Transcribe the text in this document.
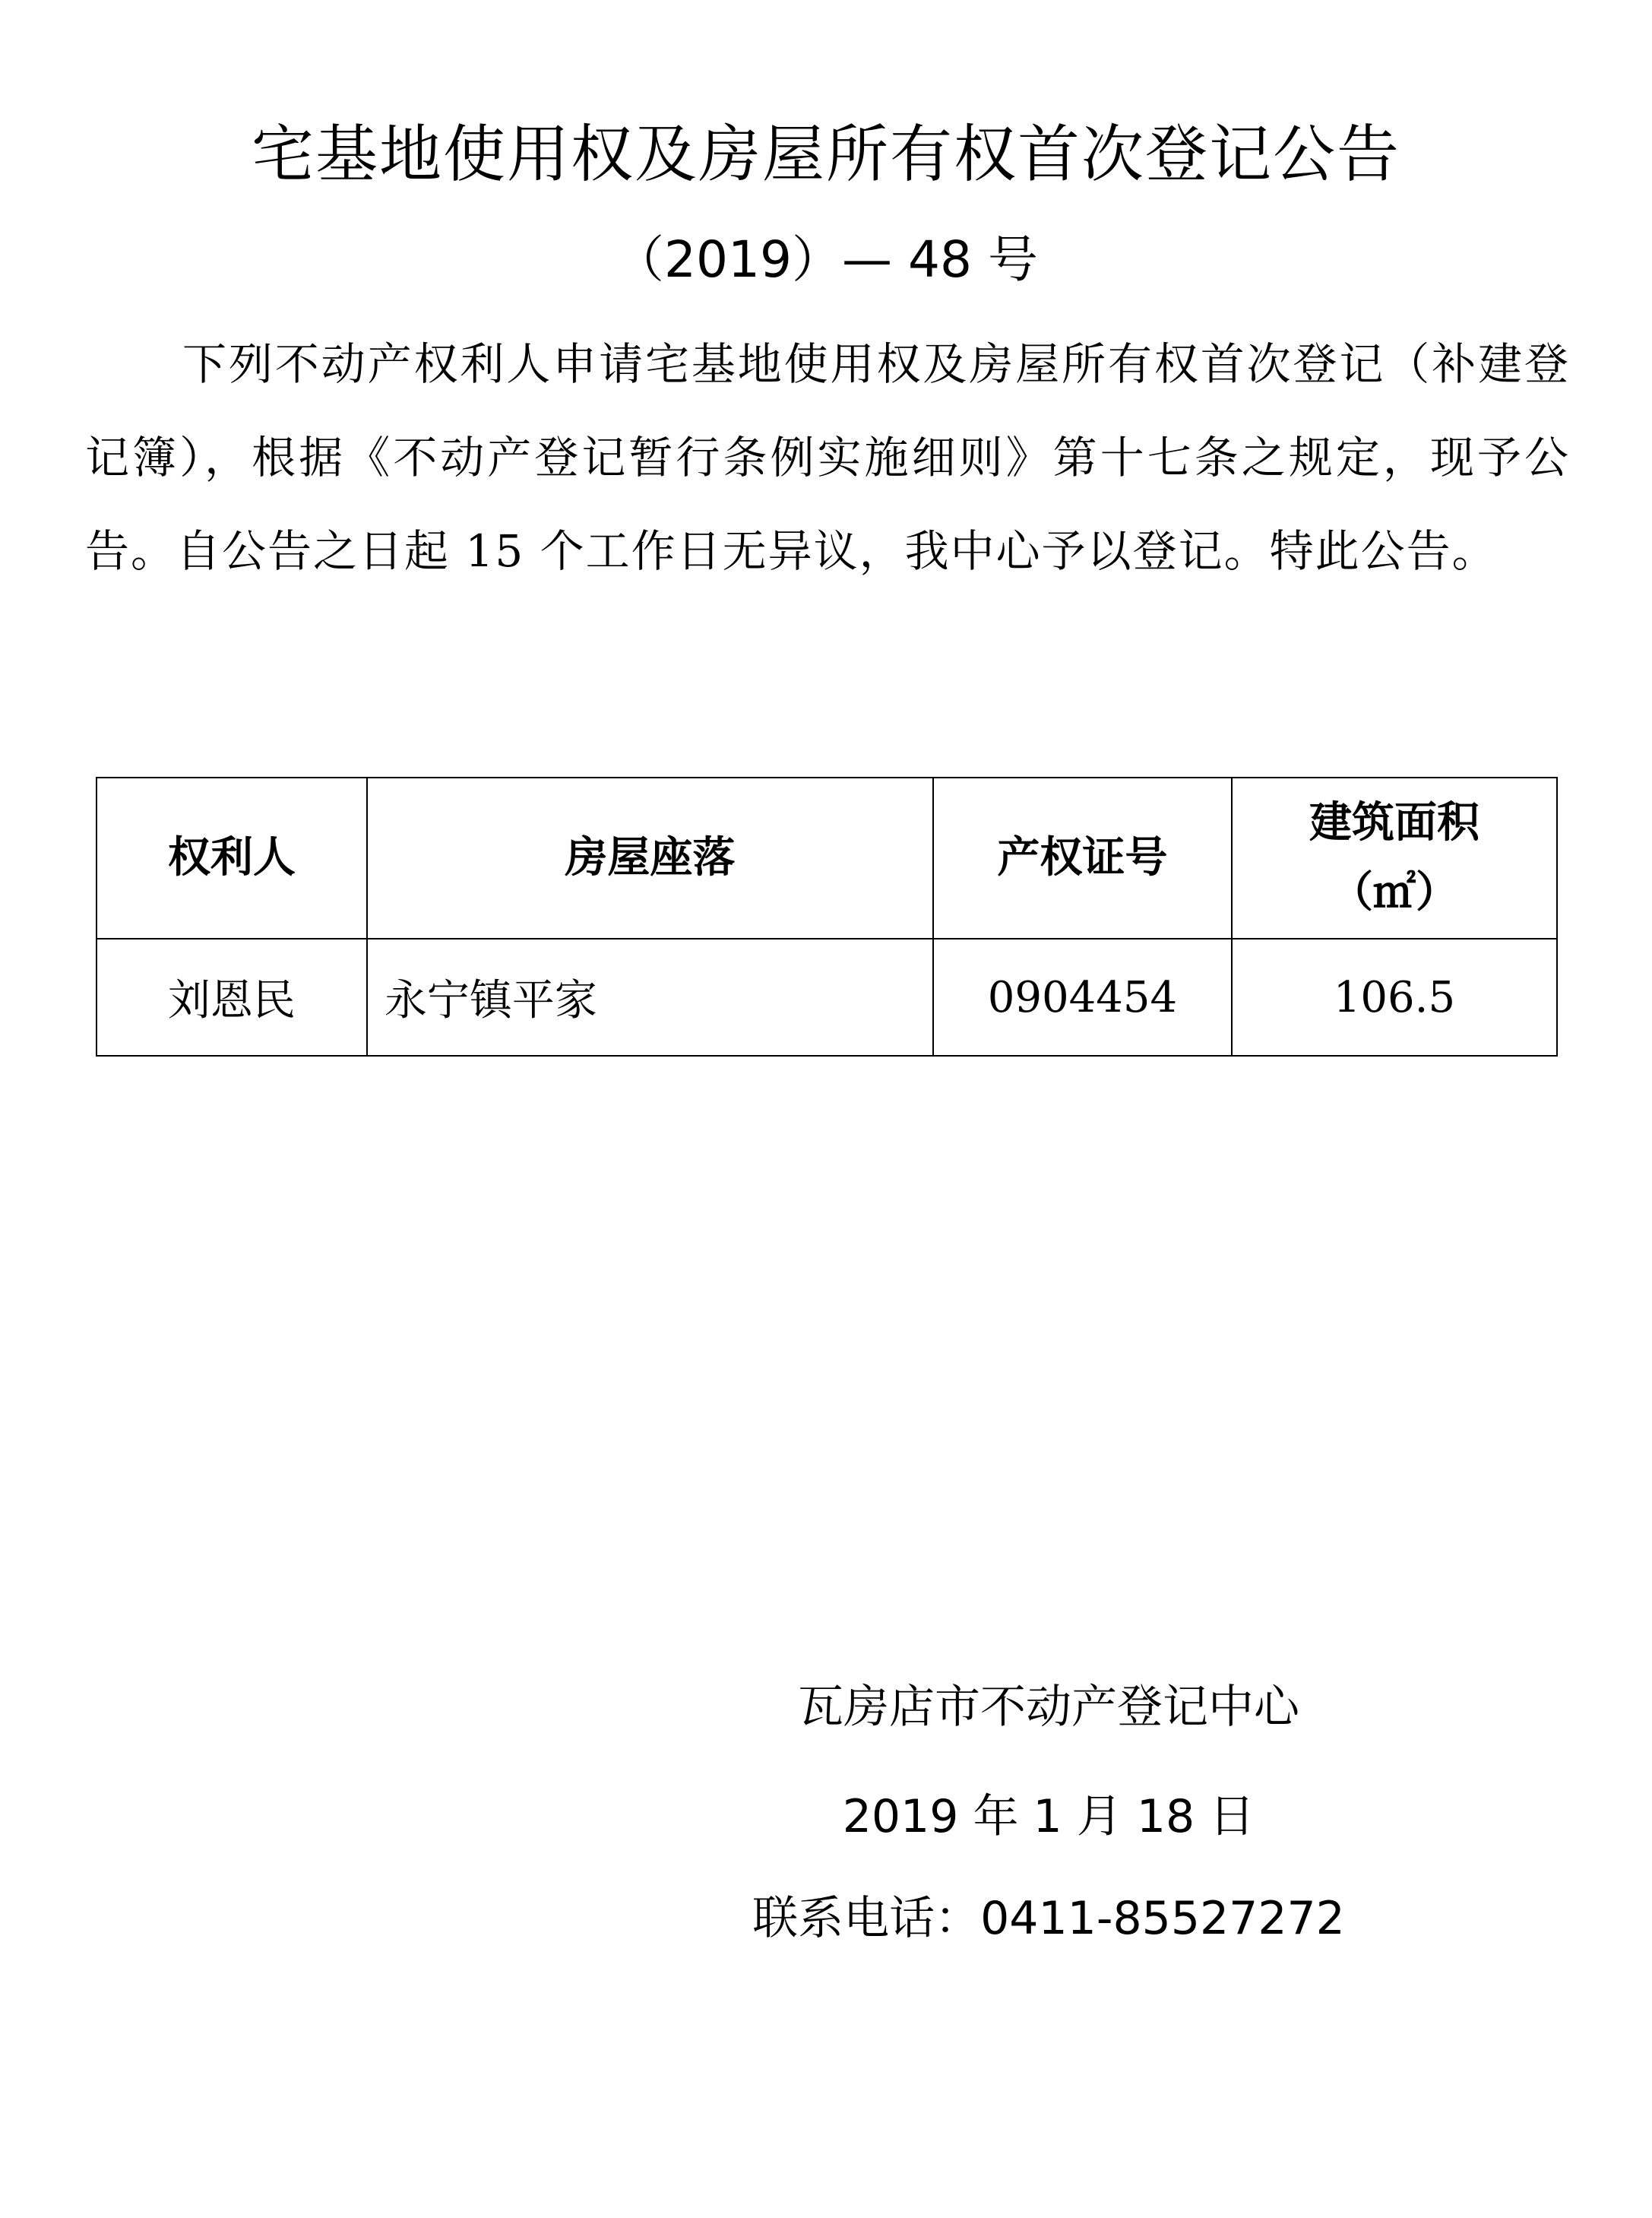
宅基地使用权及房屋所有权首次登记公告
（2019）— 48 号

下列不动产权利人申请宅基地使用权及房屋所有权首次登记（补建登记簿），根据《不动产登记暂行条例实施细则》第十七条之规定，现予公告。自公告之日起 15 个工作日无异议，我中心予以登记。特此公告。

权利人	房屋座落	产权证号	建筑面积
（㎡）

刘恩民	永宁镇平家	0904454	106.5
瓦房店市不动产登记中心
2019 年 1 月 18 日
联系电话：0411-85527272
